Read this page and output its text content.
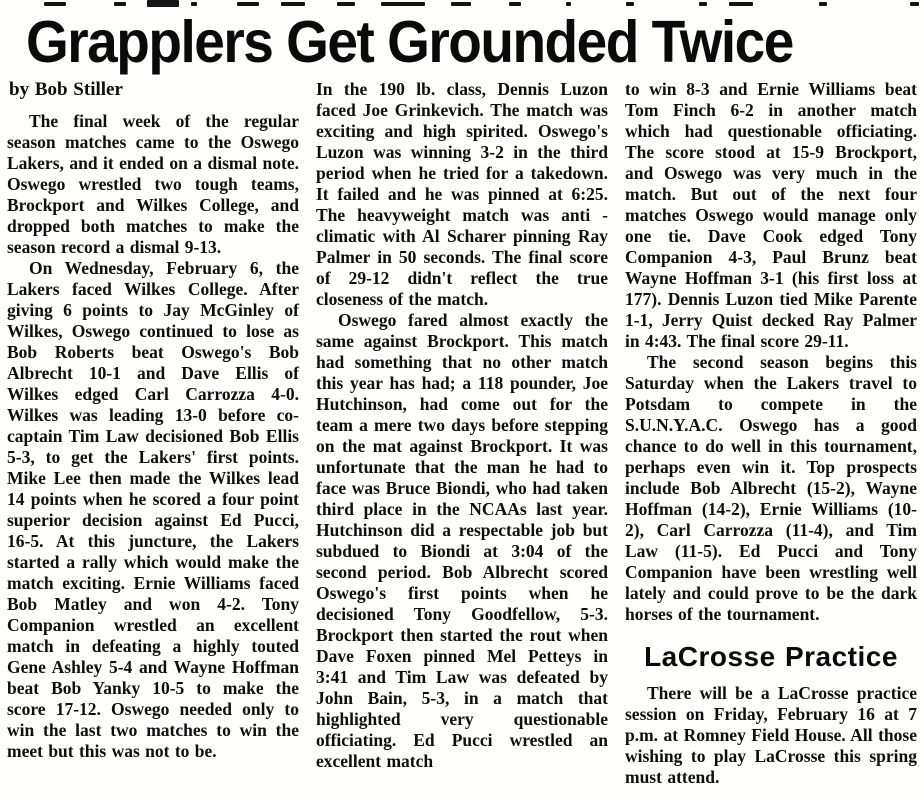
Grapplers Get Grounded Twice
by Bob Stiller

The final week of the regular season matches came to the Oswego Lakers, and it ended on a dismal note. Oswego wrestled two tough teams, Brockport and Wilkes College, and dropped both matches to make the season record a dismal 9-13.

On Wednesday, February 6, the Lakers faced Wilkes College. After giving 6 points to Jay McGinley of Wilkes, Oswego continued to lose as Bob Roberts beat Oswego's Bob Albrecht 10-1 and Dave Ellis of Wilkes edged Carl Carrozza 4-0. Wilkes was leading 13-0 before co-captain Tim Law decisioned Bob Ellis 5-3, to get the Lakers' first points. Mike Lee then made the Wilkes lead 14 points when he scored a four point superior decision against Ed Pucci, 16-5. At this juncture, the Lakers started a rally which would make the match exciting. Ernie Williams faced Bob Matley and won 4-2. Tony Companion wrestled an excellent match in defeating a highly touted Gene Ashley 5-4 and Wayne Hoffman beat Bob Yanky 10-5 to make the score 17-12. Oswego needed only to win the last two matches to win the meet but this was not to be.

In the 190 lb. class, Dennis Luzon faced Joe Grinkevich. The match was exciting and high spirited. Oswego's Luzon was winning 3-2 in the third period when he tried for a takedown. It failed and he was pinned at 6:25. The heavyweight match was anti - climatic with Al Scharer pinning Ray Palmer in 50 seconds. The final score of 29-12 didn't reflect the true closeness of the match.

Oswego fared almost exactly the same against Brockport. This match had something that no other match this year has had; a 118 pounder, Joe Hutchinson, had come out for the team a mere two days before stepping on the mat against Brockport. It was unfortunate that the man he had to face was Bruce Biondi, who had taken third place in the NCAAs last year. Hutchinson did a respectable job but subdued to Biondi at 3:04 of the second period. Bob Albrecht scored Oswego's first points when he decisioned Tony Goodfellow, 5-3. Brockport then started the rout when Dave Foxen pinned Mel Petteys in 3:41 and Tim Law was defeated by John Bain, 5-3, in a match that highlighted very questionable officiating. Ed Pucci wrestled an excellent match

to win 8-3 and Ernie Williams beat Tom Finch 6-2 in another match which had questionable officiating. The score stood at 15-9 Brockport, and Oswego was very much in the match. But out of the next four matches Oswego would manage only one tie. Dave Cook edged Tony Companion 4-3, Paul Brunz beat Wayne Hoffman 3-1 (his first loss at 177). Dennis Luzon tied Mike Parente 1-1, Jerry Quist decked Ray Palmer in 4:43. The final score 29-11.

The second season begins this Saturday when the Lakers travel to Potsdam to compete in the S.U.N.Y.A.C. Oswego has a good chance to do well in this tournament, perhaps even win it. Top prospects include Bob Albrecht (15-2), Wayne Hoffman (14-2), Ernie Williams (10-2), Carl Carrozza (11-4), and Tim Law (11-5). Ed Pucci and Tony Companion have been wrestling well lately and could prove to be the dark horses of the tournament.

LaCrosse Practice

There will be a LaCrosse practice session on Friday, February 16 at 7 p.m. at Romney Field House. All those wishing to play LaCrosse this spring must attend.
